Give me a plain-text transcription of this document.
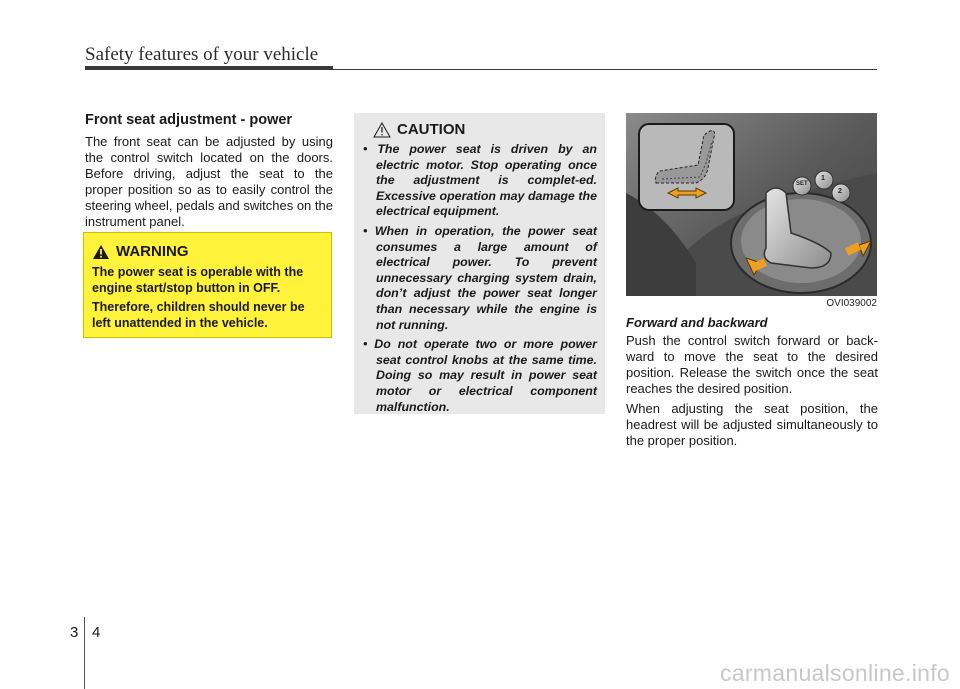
Safety features of your vehicle
Front seat adjustment - power

The front seat can be adjusted by using the control switch located on the doors. Before driving, adjust the seat to the proper position so as to easily control the steering wheel, pedals and switches on the instrument panel.

WARNING

The power seat is operable with the engine start/stop button in OFF.

Therefore, children should never be left unattended in the vehicle.

CAUTION
• The power seat is driven by an electric motor. Stop operating once the adjustment is complet-ed. Excessive operation may damage the electrical equipment.
• When in operation, the power seat consumes a large amount of electrical power. To prevent unnecessary charging system drain, don’t adjust the power seat longer than necessary while the engine is not running.
• Do not operate two or more power seat control knobs at the same time. Doing so may result in power seat motor or electrical component malfunction.
SET
1
2
OVI039002
Forward and backward

Push the control switch forward or back-ward to move the seat to the desired position. Release the switch once the seat reaches the desired position.

When adjusting the seat position, the headrest will be adjusted simultaneously to the proper position.

3 4
carmanualsonline.info
